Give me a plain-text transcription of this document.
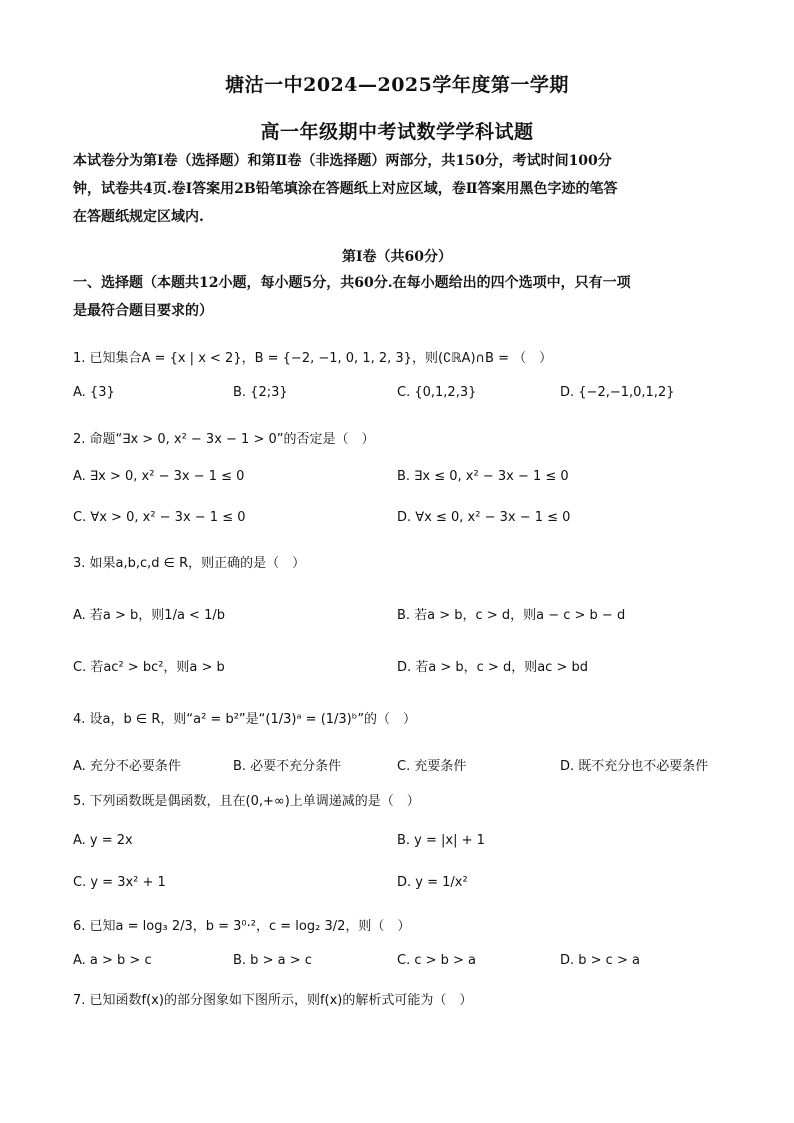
塘沽一中2024—2025学年度第一学期
高一年级期中考试数学学科试题
本试卷分为第Ⅰ卷（选择题）和第Ⅱ卷（非选择题）两部分，共150分，考试时间100分
钟，试卷共4页.卷Ⅰ答案用2B铅笔填涂在答题纸上对应区域，卷Ⅱ答案用黑色字迹的笔答
在答题纸规定区域内.
第Ⅰ卷（共60分）
一、选择题（本题共12小题，每小题5分，共60分.在每小题给出的四个选项中，只有一项
是最符合题目要求的）
1. 已知集合A = {x | x < 2}，B = {−2, −1, 0, 1, 2, 3}，则(∁ℝA)∩B = （　）
A. {3}	B. {2;3}	C. {0,1,2,3}	D. {−2,−1,0,1,2}
2. 命题“∃x > 0, x² − 3x − 1 > 0”的否定是（　）
A. ∃x > 0, x² − 3x − 1 ≤ 0	B. ∃x ≤ 0, x² − 3x − 1 ≤ 0
C. ∀x > 0, x² − 3x − 1 ≤ 0	D. ∀x ≤ 0, x² − 3x − 1 ≤ 0
3. 如果a,b,c,d ∈ R，则正确的是（　）
A. 若a > b，则1/a < 1/b	B. 若a > b，c > d，则a − c > b − d
C. 若ac² > bc²，则a > b	D. 若a > b，c > d，则ac > bd
4. 设a，b ∈ R，则“a² = b²”是“(1/3)ᵃ = (1/3)ᵇ”的（　）
A. 充分不必要条件	B. 必要不充分条件	C. 充要条件	D. 既不充分也不必要条件
5. 下列函数既是偶函数，且在(0,+∞)上单调递减的是（　）
A. y = 2x	B. y = |x| + 1
C. y = 3x² + 1	D. y = 1/x²
6. 已知a = log₃ 2/3，b = 3⁰·²，c = log₂ 3/2，则（　）
A. a > b > c	B. b > a > c	C. c > b > a	D. b > c > a
7. 已知函数f(x)的部分图象如下图所示，则f(x)的解析式可能为（　）
